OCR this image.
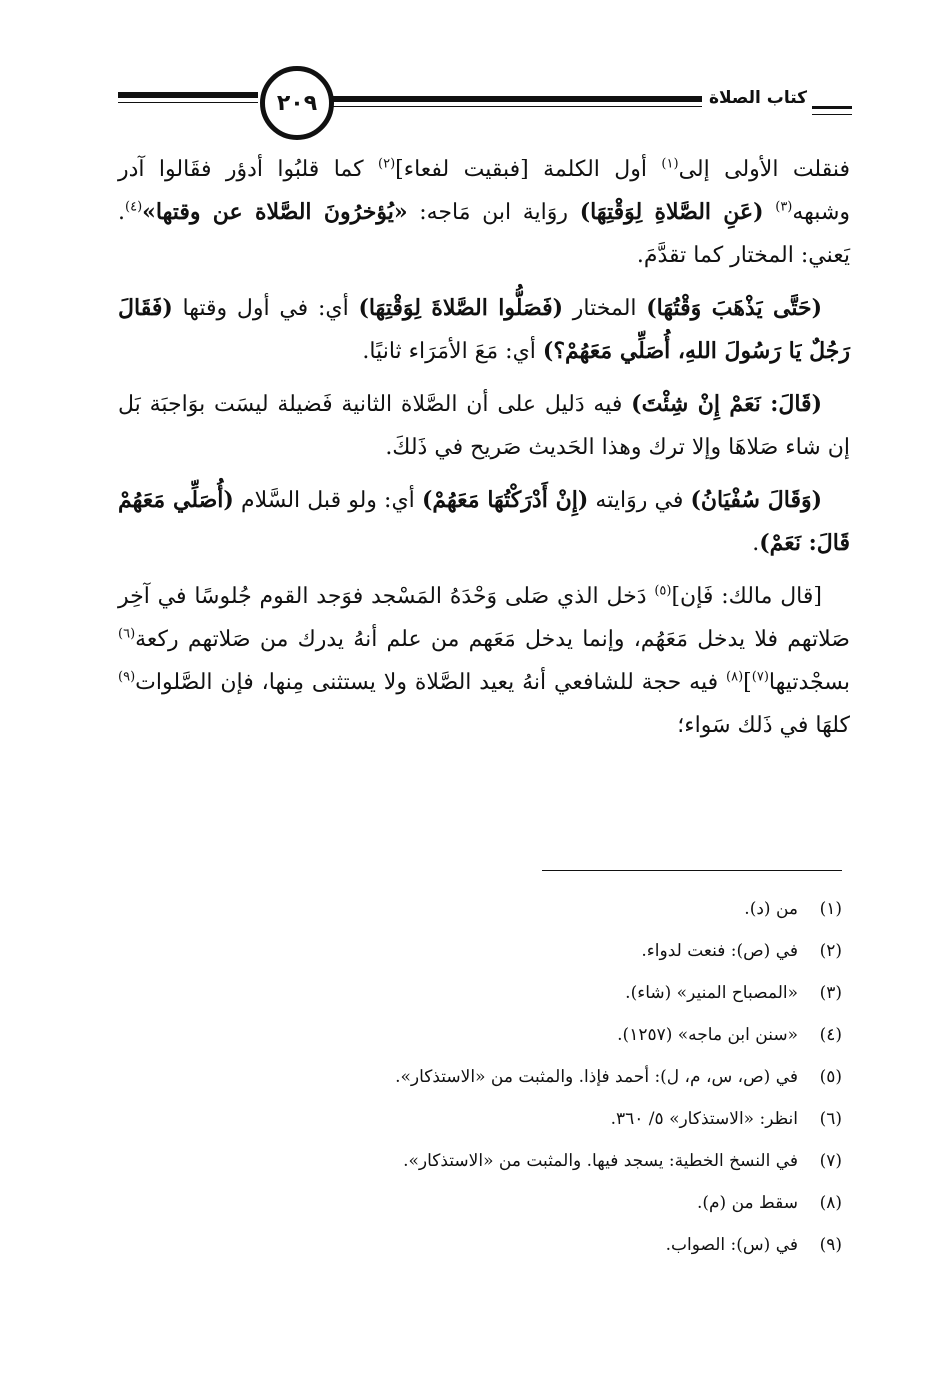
٢٠٩	كتاب الصلاة

فنقلت الأولى إلى$^{(١)}$ أول الكلمة [فبقيت لفعاء]$^{(٢)}$ كما قلبُوا أدؤر فقَالوا آدر وشبهه$^{(٣)}$ (عَنِ الصَّلاةِ لِوَقْتِهَا) روَاية ابن مَاجه: «يُؤخرُونَ الصَّلاة عن وقتها»$^{(٤)}$. يَعني: المختار كما تقدَّمَ.

(حَتَّى يَذْهَبَ وَقْتُهَا) المختار (فَصَلُّوا الصَّلاةَ لِوَقْتِهَا) أي: في أول وقتها (فَقَالَ رَجُلٌ يَا رَسُولَ اللهِ، أُصَلِّي مَعَهُمْ؟) أي: مَعَ الأمَرَاء ثانيًا.

(قَالَ: نَعَمْ إِنْ شِئْتَ) فيه دَليل على أن الصَّلاة الثانية فَضيلة ليسَت بوَاجبَة بَل إن شاء صَلاهَا وإلا ترك وهذا الحَديث صَريح في ذَلكَ.

(وَقَالَ سُفْيَانُ) في روَايته (إِنْ أَدْرَكْتُهَا مَعَهُمْ) أي: ولو قبل السَّلام (أُصَلِّي مَعَهُمْ قَالَ: نَعَمْ).

[قال مالك: فَإن]$^{(٥)}$ دَخل الذي صَلى وَحْدَهُ المَسْجد فوَجد القوم جُلوسًا في آخِر صَلاتهم فلا يدخل مَعَهُم، وإنما يدخل مَعَهم من علم أنهُ يدرك من صَلاتهم ركعة$^{(٦)}$ بسجْدتيها$^{(٧)}$]$^{(٨)}$ فيه حجة للشافعي أنهُ يعيد الصَّلاة ولا يستثنى مِنها، فإن الصَّلوات$^{(٩)}$ كلهَا في ذَلك سَواء؛

(١)من (د).
(٢)في (ص): فنعت لدواء.
(٣)«المصباح المنير» (شاء).
(٤)«سنن ابن ماجه» (١٢٥٧).
(٥)في (ص، س، م، ل): أحمد فإذا. والمثبت من «الاستذكار».
(٦)انظر: «الاستذكار» ٥/ ٣٦٠.
(٧)في النسخ الخطية: يسجد فيها. والمثبت من «الاستذكار».
(٨)سقط من (م).
(٩)في (س): الصواب.
